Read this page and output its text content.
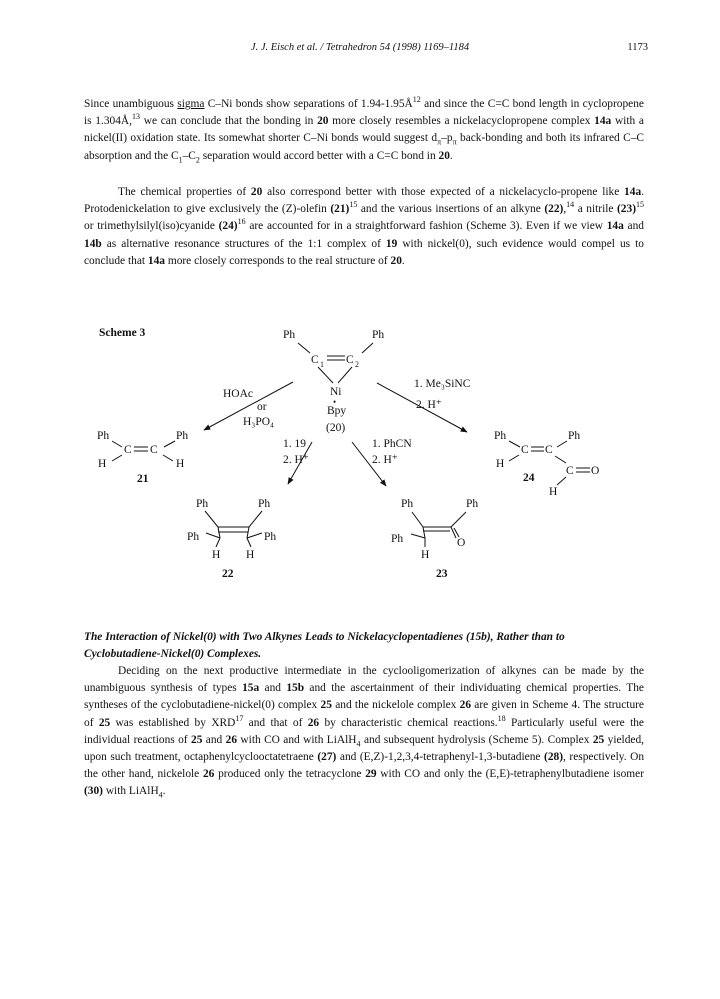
J. J. Eisch et al. / Tetrahedron 54 (1998) 1169–1184	1173

Since unambiguous sigma C–Ni bonds show separations of $1.94-1.95Å^{12}$ and since the C=C bond length in cyclopropene is 1.304Å,$^{13}$ we can conclude that the bonding in 20 more closely resembles a nickelacyclopropene complex 14a with a nickel(II) oxidation state. Its somewhat shorter C–Ni bonds would suggest $d_\pi-p_\pi$ back-bonding and both its infrared C–C absorption and the $C_1-C_2$ separation would accord better with a C=C bond in 20.

The chemical properties of 20 also correspond better with those expected of a nickelacyclo-propene like 14a. Protodenickelation to give exclusively the (Z)-olefin $(21)^{15}$ and the various insertions of an alkyne (22),$^{14}$ a nitrile $(23)^{15}$ or trimethylsilyl(iso)cyanide $(24)^{16}$ are accounted for in a straightforward fashion (Scheme 3). Even if we view 14a and 14b as alternative resonance structures of the 1:1 complex of 19 with nickel(0), such evidence would compel us to conclude that 14a more closely corresponds to the real structure of 20.

Scheme 3	Ph	Ph
C 1 C 2
Ni
•
Bpy
(20)
HOAc
or
H₃PO₄
1. Me₃SiNC
2. H⁺
1. 19
2. H⁺
1. PhCN
2. H⁺
Ph	Ph
C C
H	H
21
Ph	Ph
C C
H
C O
H
24
Ph	Ph
Ph	Ph
H H
22
Ph	Ph
O
Ph
H
23
The Interaction of Nickel(0) with Two Alkynes Leads to Nickelacyclopentadienes (15b), Rather than to Cyclobutadiene-Nickel(0) Complexes.

Deciding on the next productive intermediate in the cyclooligomerization of alkynes can be made by the unambiguous synthesis of types 15a and 15b and the ascertainment of their individuating chemical properties. The syntheses of the cyclobutadiene-nickel(0) complex 25 and the nickelole complex 26 are given in Scheme 4. The structure of 25 was established by XRD$^{17}$ and that of 26 by characteristic chemical reactions.$^{18}$ Particularly useful were the individual reactions of 25 and 26 with CO and with LiAlH$_4$ and subsequent hydrolysis (Scheme 5). Complex 25 yielded, upon such treatment, octaphenylcyclooctatetraene (27) and (E,Z)-1,2,3,4-tetraphenyl-1,3-butadiene (28), respectively. On the other hand, nickelole 26 produced only the tetracyclone 29 with CO and only the (E,E)-tetraphenylbutadiene isomer (30) with LiAlH$_4$.
